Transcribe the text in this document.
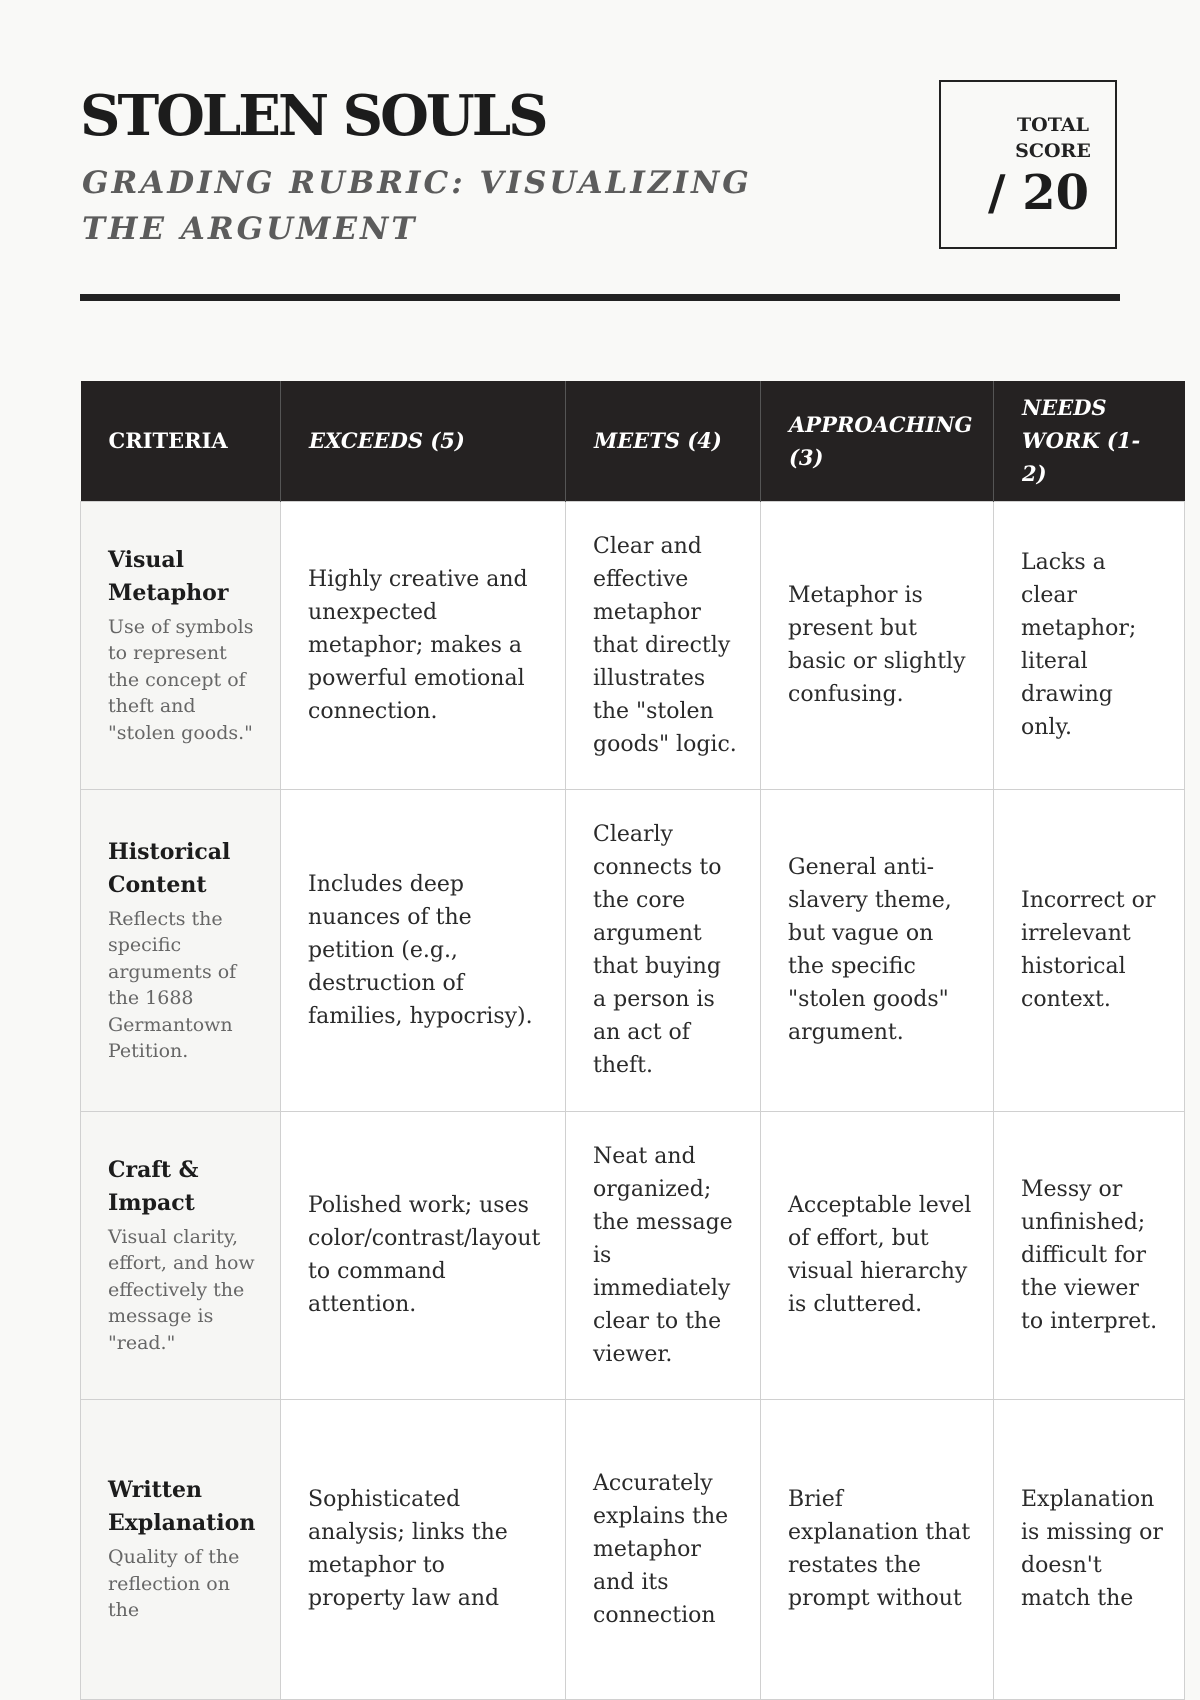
STOLEN SOULS
GRADING RUBRIC: VISUALIZING THE ARGUMENT
TOTAL SCORE
/ 20
CRITERIA	EXCEEDS (5)	MEETS (4)	APPROACHING (3)	NEEDS WORK (1-2)

Visual Metaphor
Use of symbols to represent the concept of theft and "stolen goods."	Highly creative and unexpected metaphor; makes a powerful emotional connection.	Clear and effective metaphor that directly illustrates the "stolen goods" logic.	Metaphor is present but basic or slightly confusing.	Lacks a clear metaphor; literal drawing only.

Historical Content
Reflects the specific arguments of the 1688 Germantown Petition.	Includes deep nuances of the petition (e.g., destruction of families, hypocrisy).	Clearly connects to the core argument that buying a person is an act of theft.	General anti-slavery theme, but vague on the specific "stolen goods" argument.	Incorrect or irrelevant historical context.

Craft & Impact
Visual clarity, effort, and how effectively the message is "read."	Polished work; uses color/contrast/layout to command attention.	Neat and organized; the message is immediately clear to the viewer.	Acceptable level of effort, but visual hierarchy is cluttered.	Messy or unfinished; difficult for the viewer to interpret.

Written Explanation
Quality of the reflection on the	Sophisticated analysis; links the metaphor to property law and	Accurately explains the metaphor and its connection	Brief explanation that restates the prompt without	Explanation is missing or doesn't match the
